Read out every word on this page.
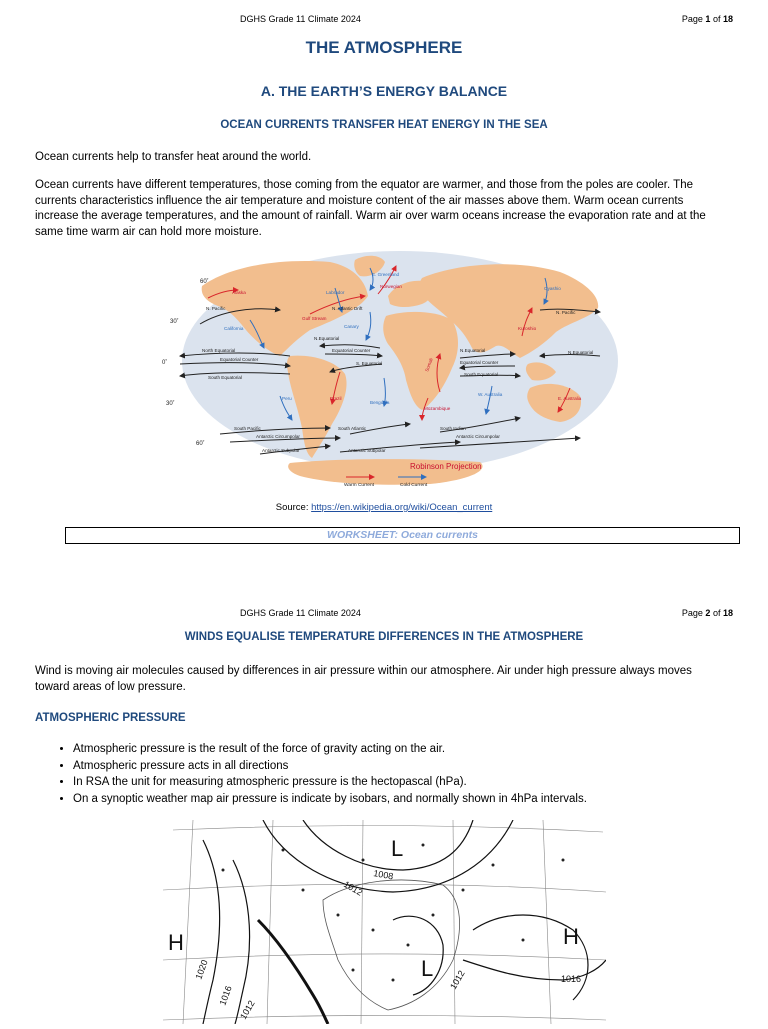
DGHS Grade 11 Climate 2024	Page 1 of 18
THE ATMOSPHERE
A. THE EARTH’S ENERGY BALANCE
OCEAN CURRENTS TRANSFER HEAT ENERGY IN THE SEA
Ocean currents help to transfer heat around the world.
Ocean currents have different temperatures, those coming from the equator are warmer, and those from the poles are cooler. The currents characteristics influence the air temperature and moisture content of the air masses above them. Warm ocean currents increase the average temperatures, and the amount of rainfall. Warm air over warm oceans increase the evaporation rate and at the same time warm air can hold more moisture.
60˚
30˚
0˚
30˚
60˚
Alaska
N. Pacific
California
North Equatorial
Equatorial Counter
South Equatorial
Peru
South Pacific
Antarctic Circumpolar
Antarctic Subpolar
Labrador
E. Greenland
Norwegian
N. Atlantic Drift
Gulf Stream
Canary
N.Equatorial
Equatorial Counter
S. Equatorial
Brazil
Benguela
South Atlantic
Antarctic Subpolar
N.Equatorial
Equatorial Counter
South Equatorial
Somali
Mozambique
W. Australia
South Indian
Antarctic Circumpolar
Oyashio
Kuroshio
N. Pacific
N.Equatorial
E. Australia
Robinson Projection
Warm Current	Cold Current
Source: https://en.wikipedia.org/wiki/Ocean_current
WORKSHEET: Ocean currents
DGHS Grade 11 Climate 2024	Page 2 of 18
WINDS EQUALISE TEMPERATURE DIFFERENCES IN THE ATMOSPHERE
Wind is moving air molecules caused by differences in air pressure within our atmosphere. Air under high pressure always moves toward areas of low pressure.
ATMOSPHERIC PRESSURE
• Atmospheric pressure is the result of the force of gravity acting on the air.
• Atmospheric pressure acts in all directions
• In RSA the unit for measuring atmospheric pressure is the hectopascal (hPa).
• On a synoptic weather map air pressure is indicate by isobars, and normally shown in 4hPa intervals.
H	H
L
L
1008
1012
1020
1016
1012
1016
1012
